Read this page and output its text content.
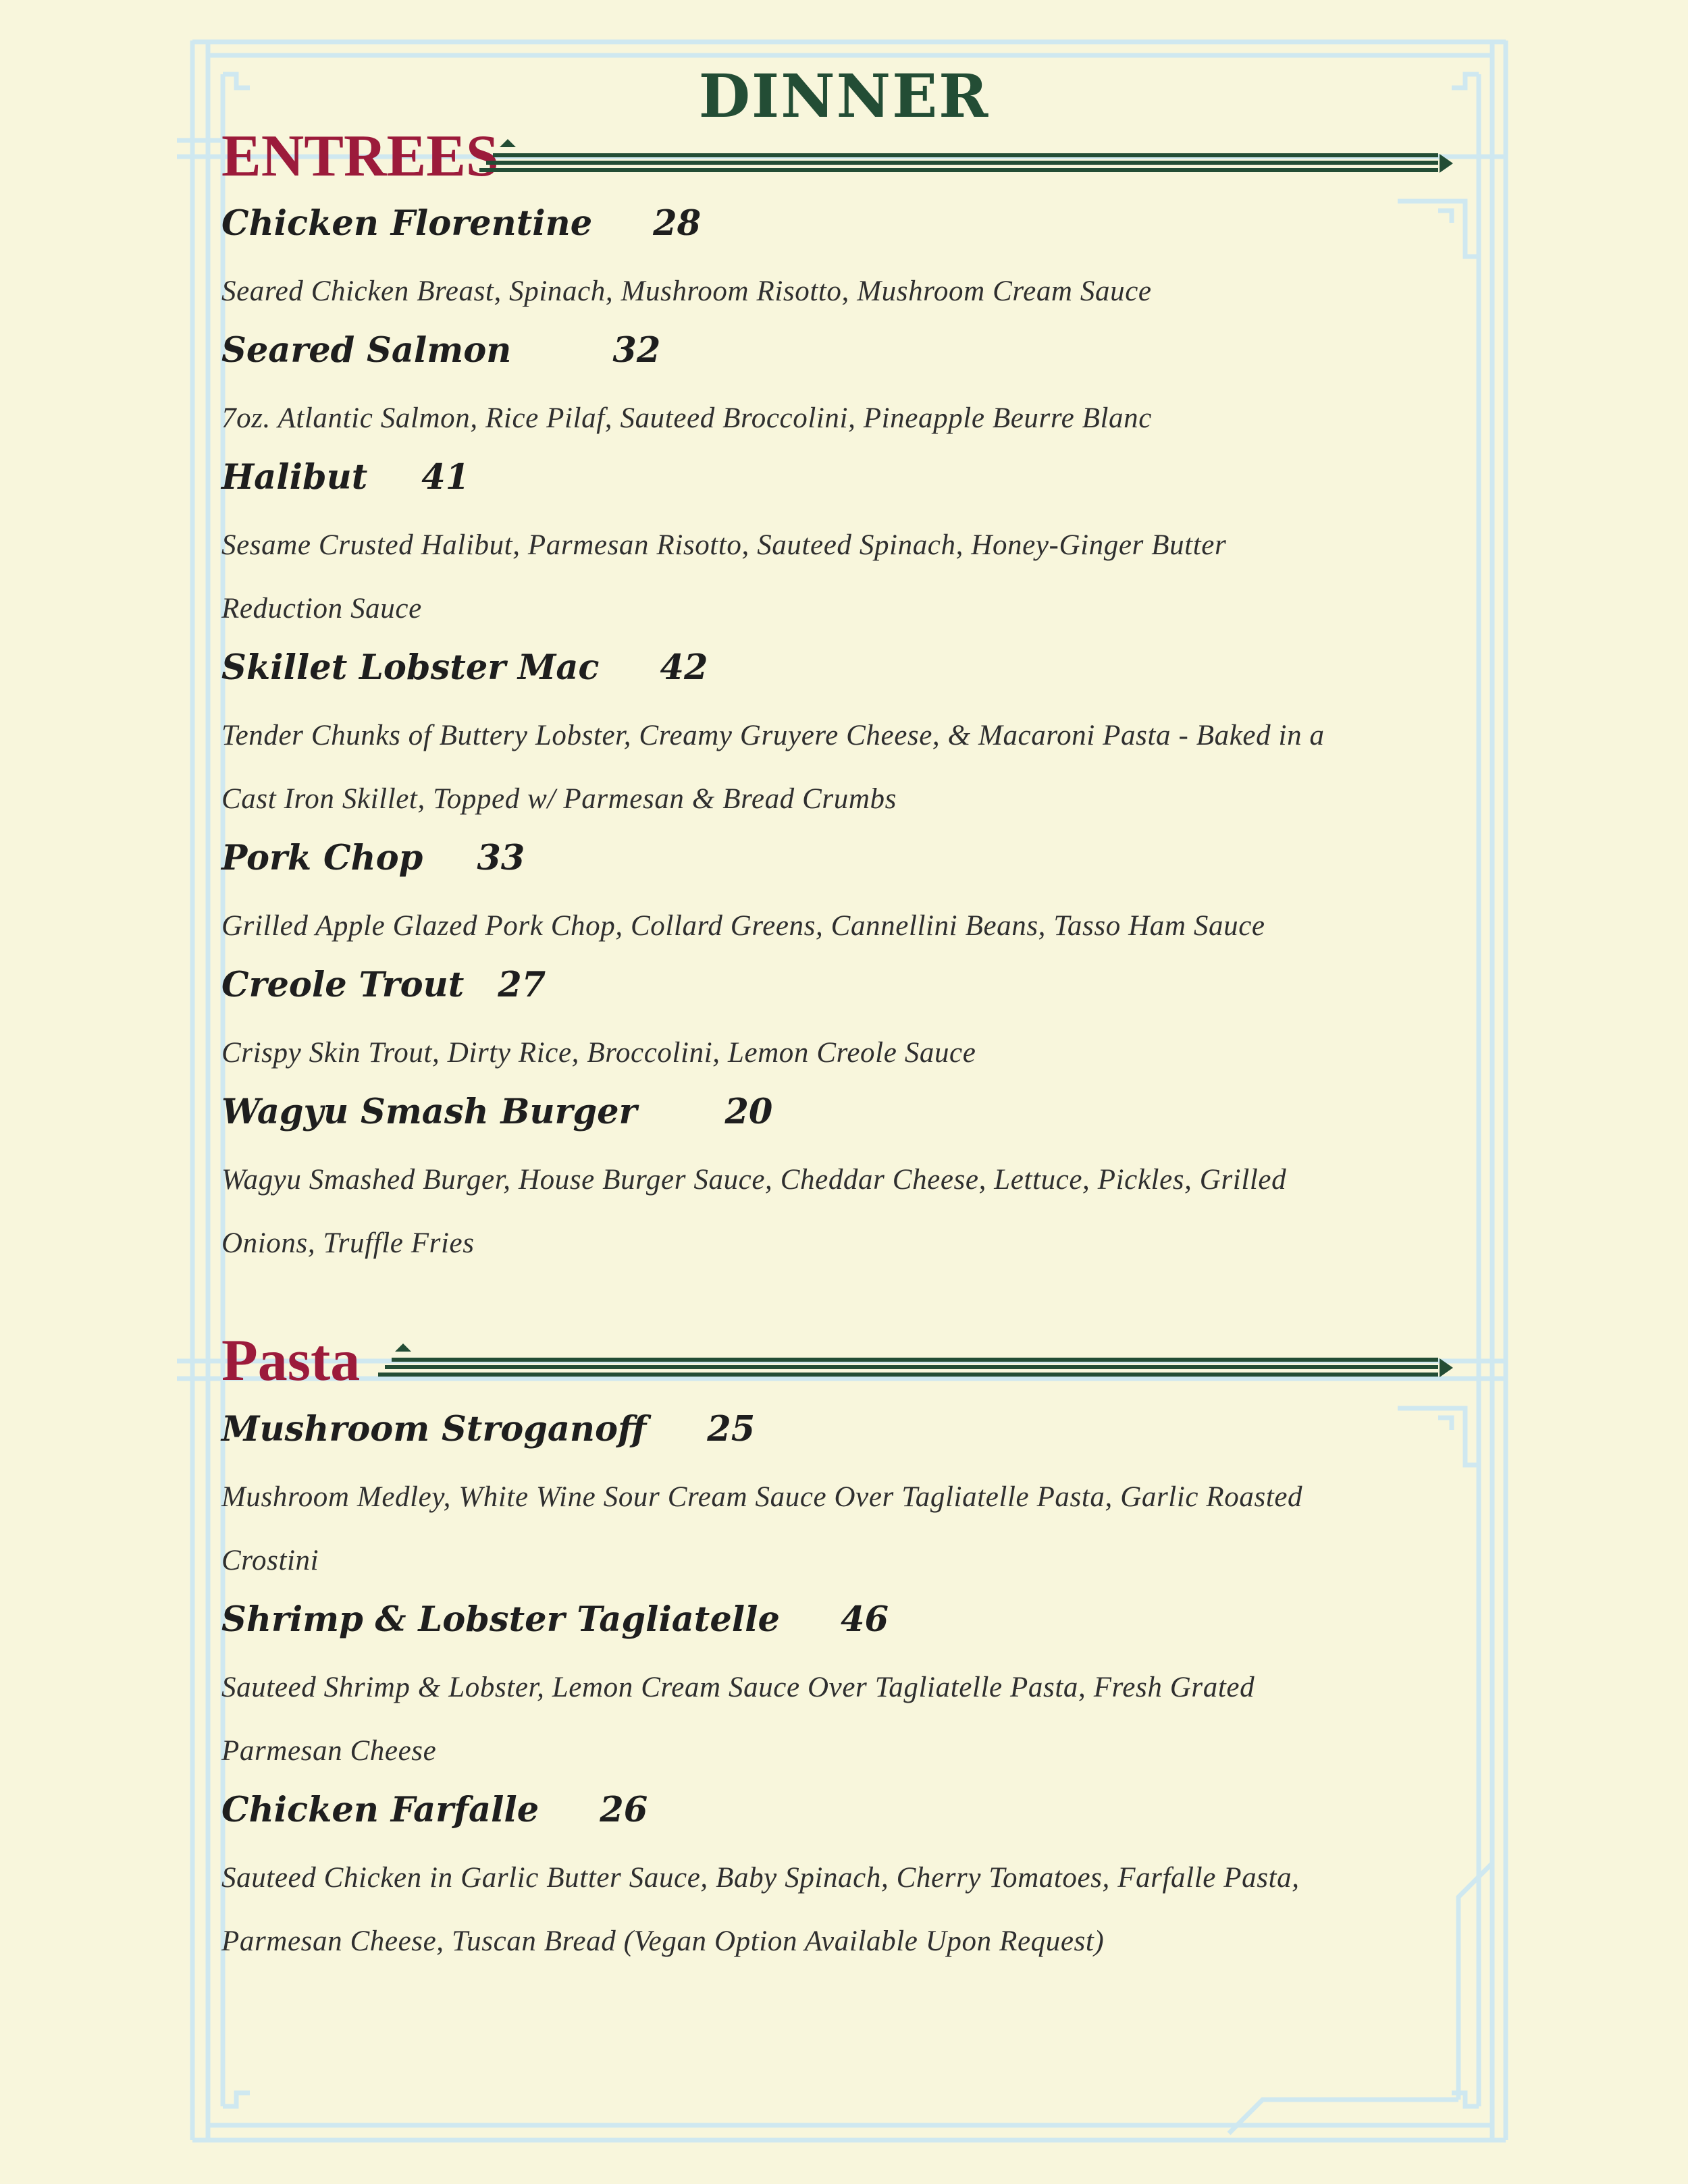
DINNER
ENTREES
Chicken Florentine 28
Seared Chicken Breast, Spinach, Mushroom Risotto, Mushroom Cream Sauce
Seared Salmon	32
7oz. Atlantic Salmon, Rice Pilaf, Sauteed Broccolini, Pineapple Beurre Blanc
Halibut 41
Sesame Crusted Halibut, Parmesan Risotto, Sauteed Spinach, Honey-Ginger Butter
Reduction Sauce
Skillet Lobster Mac 42
Tender Chunks of Buttery Lobster, Creamy Gruyere Cheese, & Macaroni Pasta - Baked in a
Cast Iron Skillet, Topped w/ Parmesan & Bread Crumbs
Pork Chop 33
Grilled Apple Glazed Pork Chop, Collard Greens, Cannellini Beans, Tasso Ham Sauce
Creole Trout 27
Crispy Skin Trout, Dirty Rice, Broccolini, Lemon Creole Sauce
Wagyu Smash Burger	20
Wagyu Smashed Burger, House Burger Sauce, Cheddar Cheese, Lettuce, Pickles, Grilled
Onions, Truffle Fries
Pasta
Mushroom Stroganoff 25
Mushroom Medley, White Wine Sour Cream Sauce Over Tagliatelle Pasta, Garlic Roasted
Crostini
Shrimp & Lobster Tagliatelle 46
Sauteed Shrimp & Lobster, Lemon Cream Sauce Over Tagliatelle Pasta, Fresh Grated
Parmesan Cheese
Chicken Farfalle 26
Sauteed Chicken in Garlic Butter Sauce, Baby Spinach, Cherry Tomatoes, Farfalle Pasta,
Parmesan Cheese, Tuscan Bread (Vegan Option Available Upon Request)
